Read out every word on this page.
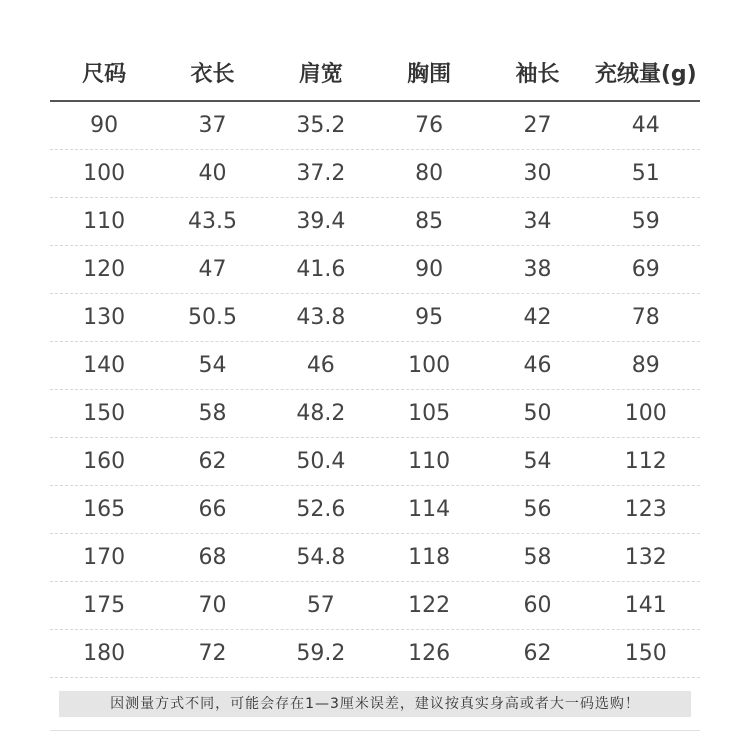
尺码	衣长	肩宽	胸围	袖长	充绒量(g)
90	37	35.2	76	27	44
100	40	37.2	80	30	51
110	43.5	39.4	85	34	59
120	47	41.6	90	38	69
130	50.5	43.8	95	42	78
140	54	46	100	46	89
150	58	48.2	105	50	100
160	62	50.4	110	54	112
165	66	52.6	114	56	123
170	68	54.8	118	58	132
175	70	57	122	60	141
180	72	59.2	126	62	150
因测量方式不同，可能会存在1—3厘米误差，建议按真实身高或者大一码选购！
